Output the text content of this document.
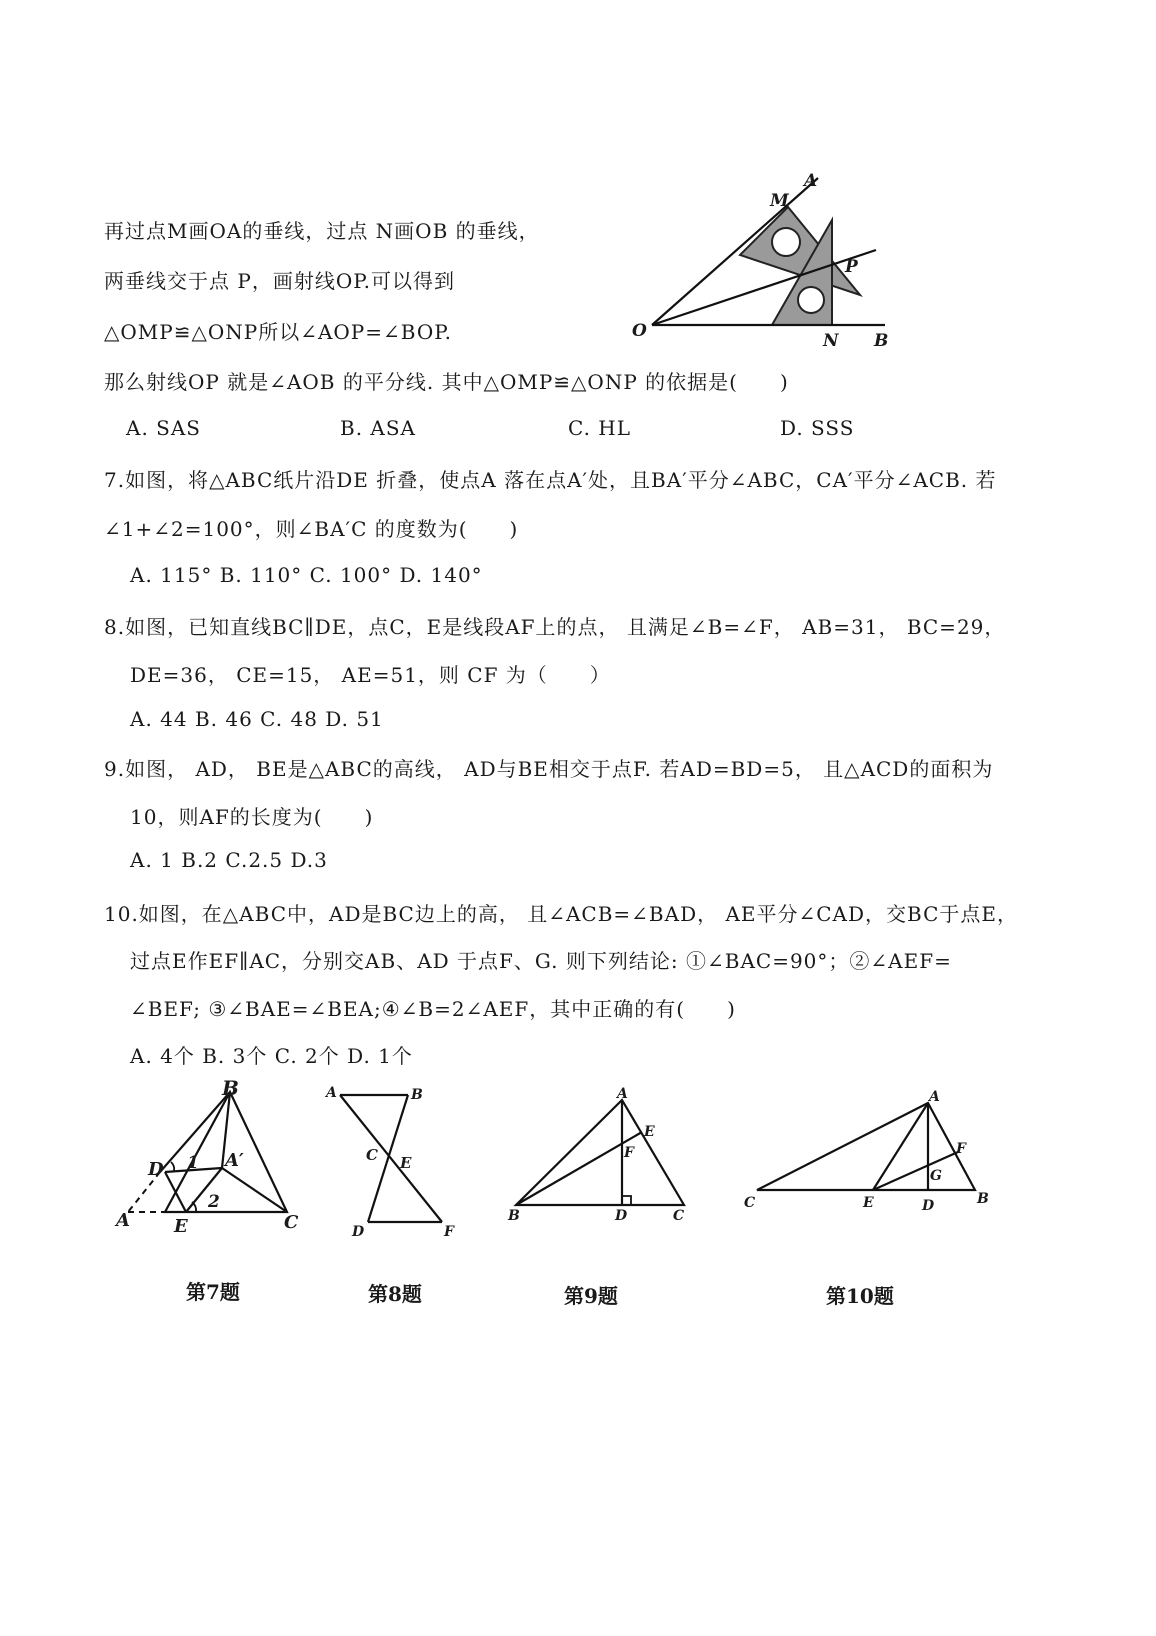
再过点M画OA的垂线，过点 N画OB 的垂线，
两垂线交于点 P，画射线OP.可以得到
△OMP≌△ONP所以∠AOP=∠BOP.
那么射线OP 就是∠AOB 的平分线. 其中△OMP≌△ONP 的依据是(　　)
A. SAS	B. ASA	C. HL	D. SSS
A
M
P
O	N B
7.如图，将△ABC纸片沿DE 折叠，使点A 落在点A′处，且BA′平分∠ABC，CA′平分∠ACB. 若
∠1+∠2=100°，则∠BA′C 的度数为(　　)
A. 115° B. 110° C. 100° D. 140°
8.如图，已知直线BC∥DE，点C，E是线段AF上的点， 且满足∠B=∠F， AB=31， BC=29，
DE=36， CE=15， AE=51，则 CF 为（　　）
A. 44 B. 46 C. 48 D. 51
9.如图， AD， BE是△ABC的高线， AD与BE相交于点F. 若AD=BD=5， 且△ACD的面积为
10，则AF的长度为(　　)
A. 1 B.2 C.2.5 D.3
10.如图，在△ABC中，AD是BC边上的高， 且∠ACB=∠BAD， AE平分∠CAD，交BC于点E，
过点E作EF∥AC，分别交AB、AD 于点F、G. 则下列结论: ①∠BAC=90°；②∠AEF=
∠BEF; ③∠BAE=∠BEA;④∠B=2∠AEF，其中正确的有(　　)
A. 4个 B. 3个 C. 2个 D. 1个
B
D 1 A′
A E
2
C
A	B
C E
D	F
A
E
F
B	D	C
A
F
G
C	E	D	B
第7题	第8题	第9题	第10题
